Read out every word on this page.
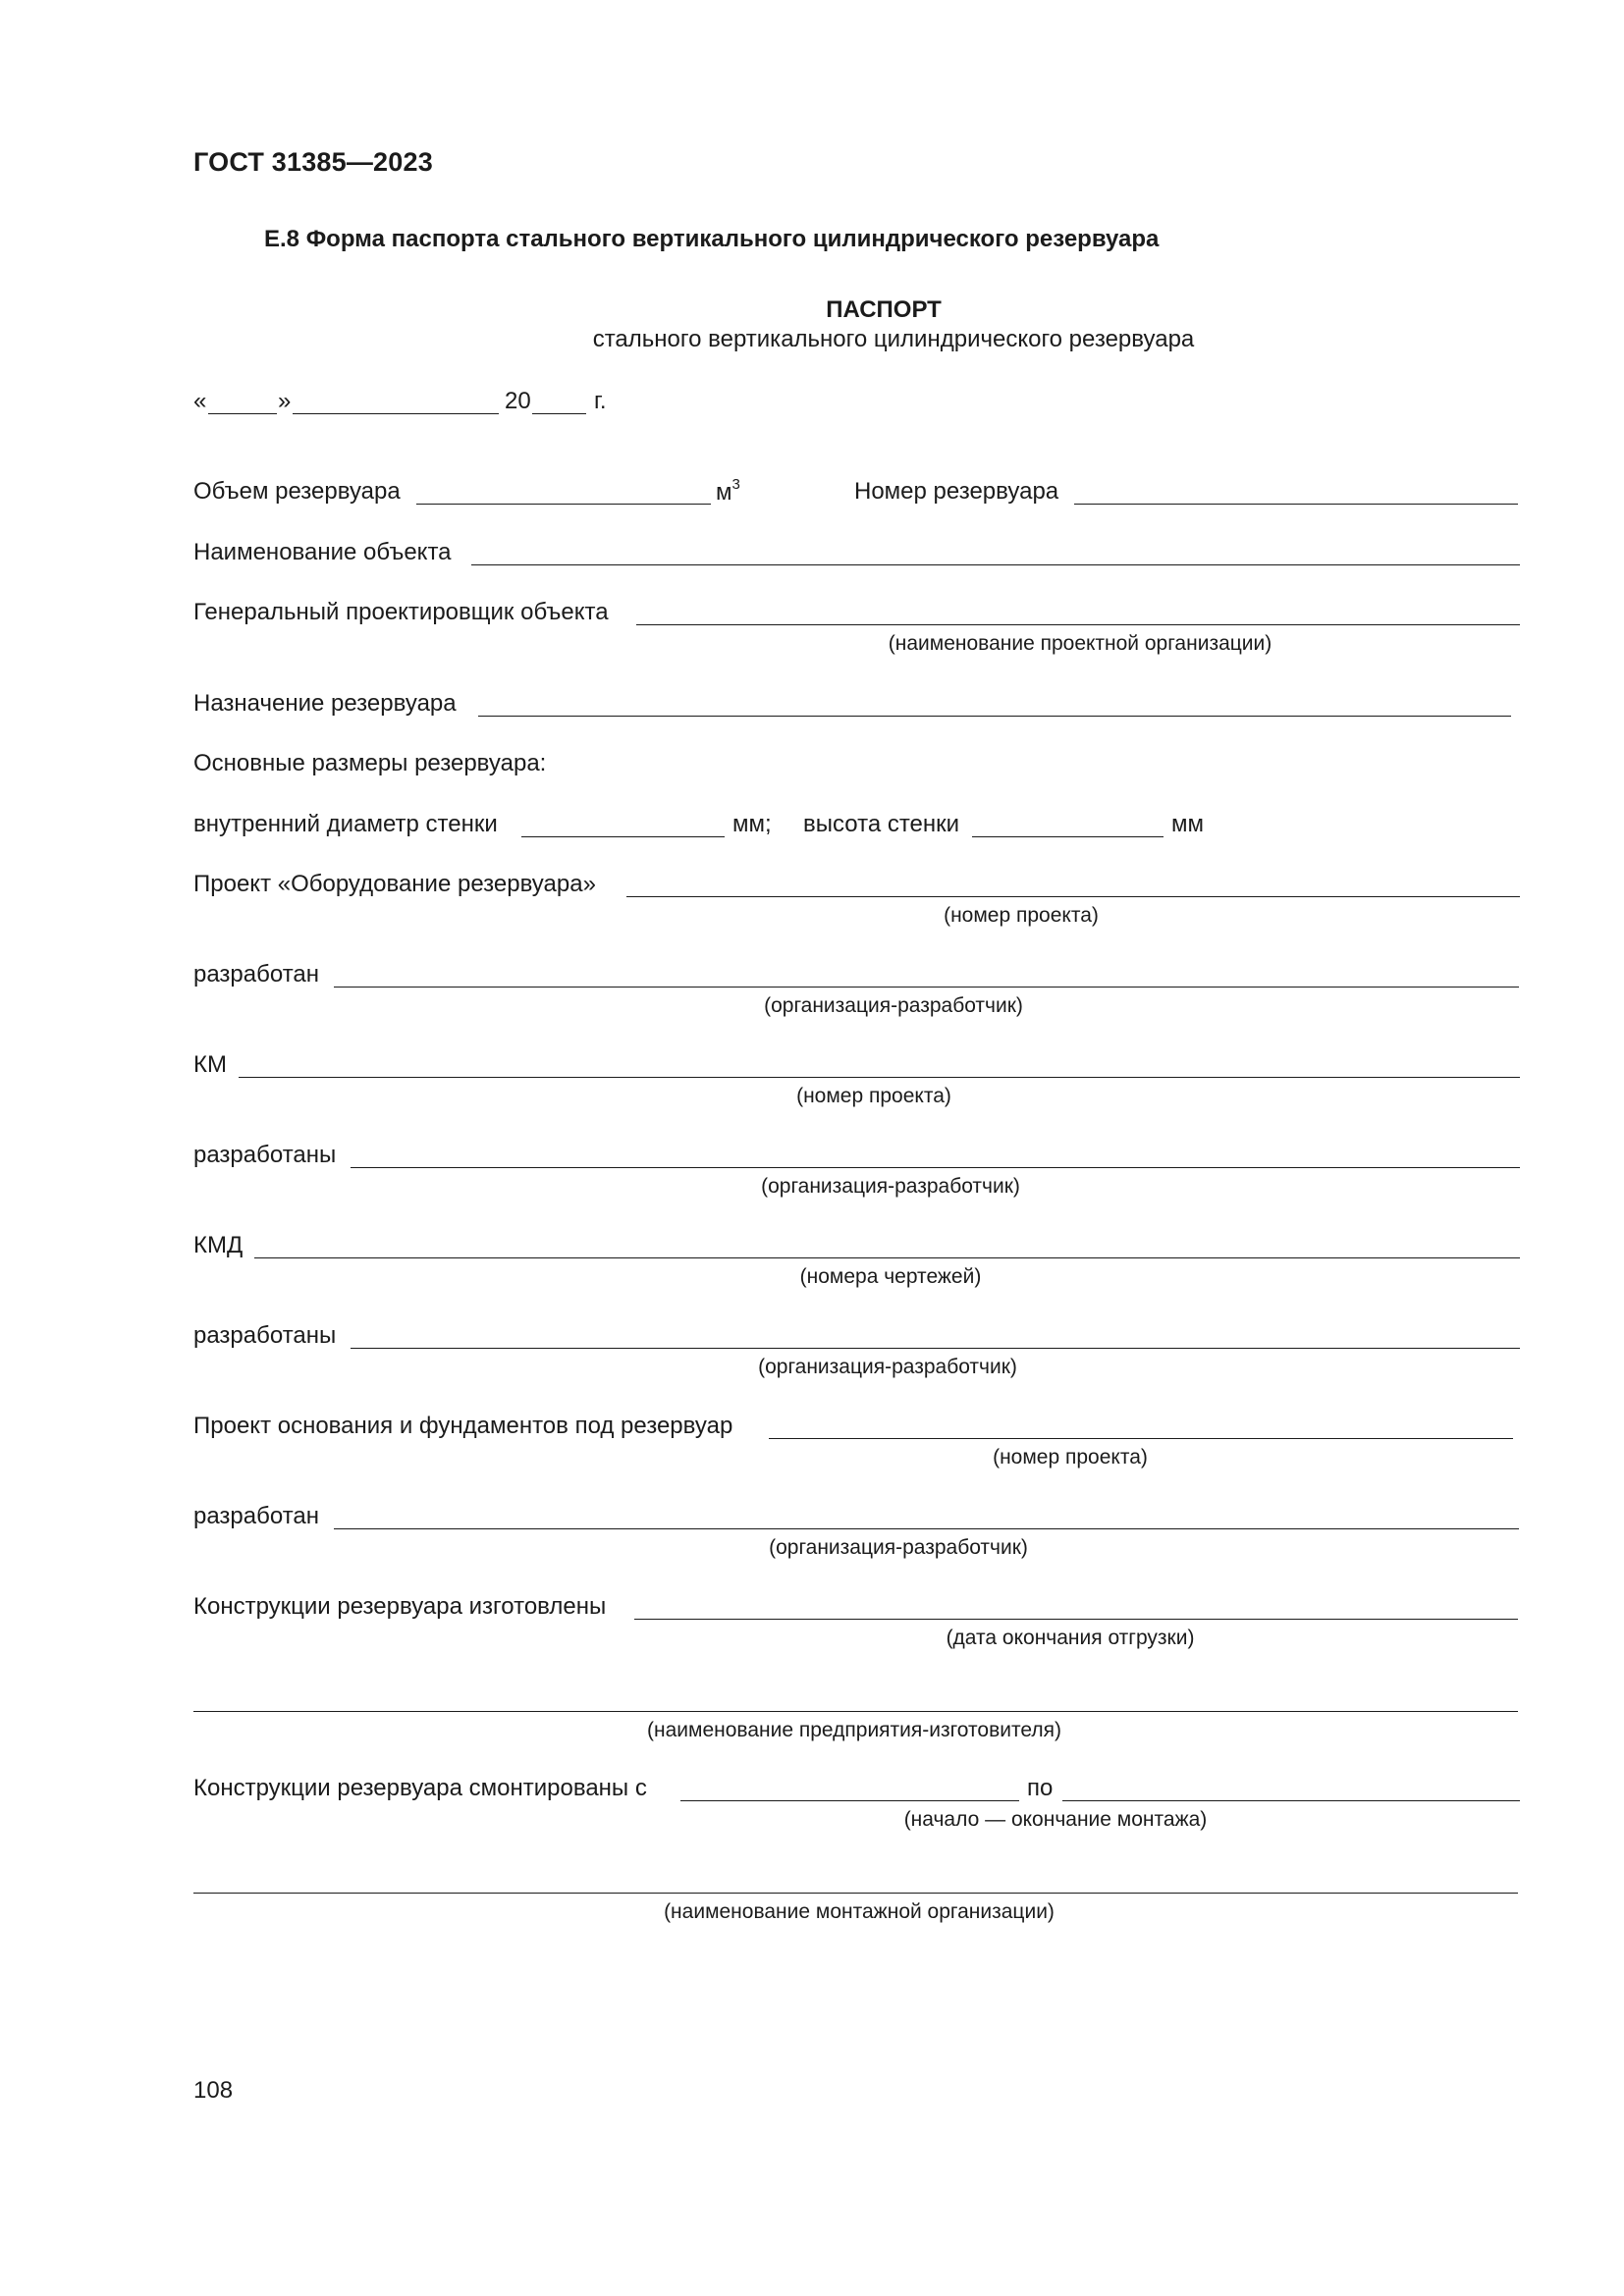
ГОСТ 31385—2023
Е.8 Форма паспорта стального вертикального цилиндрического резервуара
ПАСПОРТ
стального вертикального цилиндрического резервуара
«	»	20	г.
Объем резервуара	$м^3$	Номер резервуара
Наименование объекта
Генеральный проектировщик объекта
(наименование проектной организации)
Назначение резервуара
Основные размеры резервуара:
внутренний диаметр стенки	мм; высота стенки	мм
Проект «Оборудование резервуара»
(номер проекта)
разработан
(организация-разработчик)
КМ
(номер проекта)
разработаны
(организация-разработчик)
КМД
(номера чертежей)
разработаны
(организация-разработчик)
Проект основания и фундаментов под резервуар
(номер проекта)
разработан
(организация-разработчик)
Конструкции резервуара изготовлены
(дата окончания отгрузки)
(наименование предприятия-изготовителя)
Конструкции резервуара смонтированы с	по
(начало — окончание монтажа)
(наименование монтажной организации)
108
